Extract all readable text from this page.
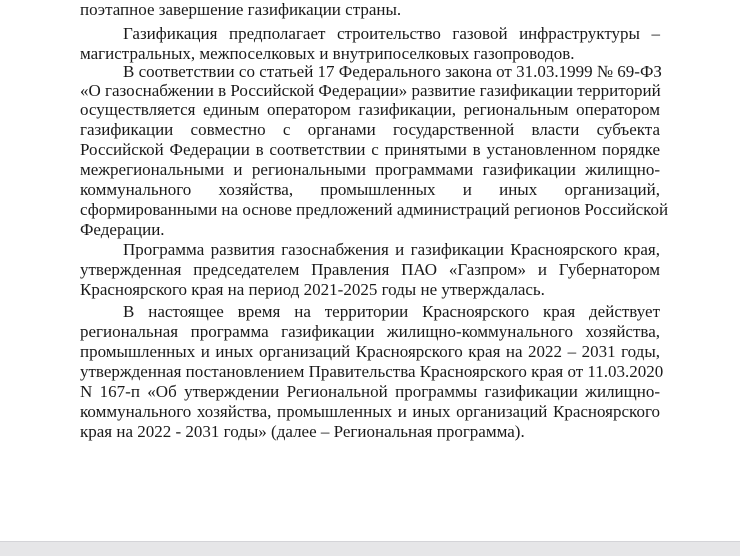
поэтапное завершение газификации страны.
Газификация предполагает строительство газовой инфраструктуры –
магистральных, межпоселковых и внутрипоселковых газопроводов.
В соответствии со статьей 17 Федерального закона от 31.03.1999 № 69-ФЗ
«О газоснабжении в Российской Федерации» развитие газификации территорий
осуществляется единым оператором газификации, региональным оператором
газификации совместно с органами государственной власти субъекта
Российской Федерации в соответствии с принятыми в установленном порядке
межрегиональными и региональными программами газификации жилищно-
коммунального хозяйства, промышленных и иных организаций,
сформированными на основе предложений администраций регионов Российской
Федерации.
Программа развития газоснабжения и газификации Красноярского края,
утвержденная председателем Правления ПАО «Газпром» и Губернатором
Красноярского края на период 2021-2025 годы не утверждалась.
В настоящее время на территории Красноярского края действует
региональная программа газификации жилищно-коммунального хозяйства,
промышленных и иных организаций Красноярского края на 2022 – 2031 годы,
утвержденная постановлением Правительства Красноярского края от 11.03.2020
N 167-п «Об утверждении Региональной программы газификации жилищно-
коммунального хозяйства, промышленных и иных организаций Красноярского
края на 2022 - 2031 годы» (далее – Региональная программа).
